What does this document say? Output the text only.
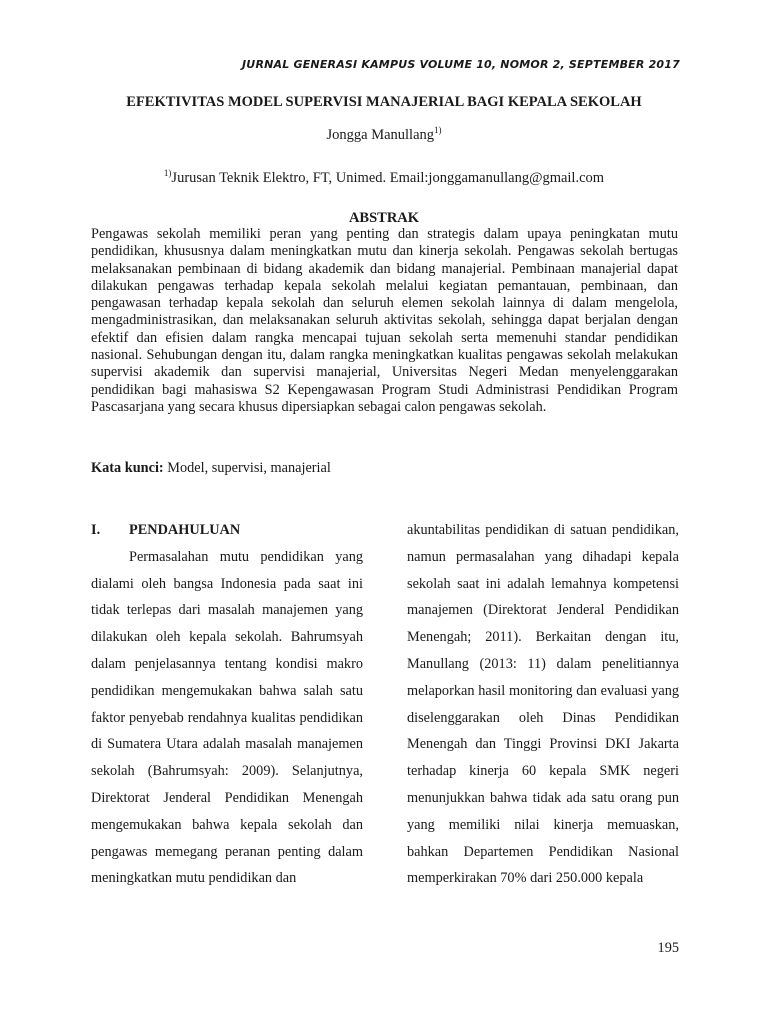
JURNAL GENERASI KAMPUS VOLUME 10, NOMOR 2, SEPTEMBER 2017
EFEKTIVITAS MODEL SUPERVISI MANAJERIAL BAGI KEPALA SEKOLAH
Jongga Manullang$^{1)}$
$^{1)}$Jurusan Teknik Elektro, FT, Unimed. Email:jonggamanullang@gmail.com
ABSTRAK
Pengawas sekolah memiliki peran yang penting dan strategis dalam upaya peningkatan mutu pendidikan, khususnya dalam meningkatkan mutu dan kinerja sekolah. Pengawas sekolah bertugas melaksanakan pembinaan di bidang akademik dan bidang manajerial. Pembinaan manajerial dapat dilakukan pengawas terhadap kepala sekolah melalui kegiatan pemantauan, pembinaan, dan pengawasan terhadap kepala sekolah dan seluruh elemen sekolah lainnya di dalam mengelola, mengadministrasikan, dan melaksanakan seluruh aktivitas sekolah, sehingga dapat berjalan dengan efektif dan efisien dalam rangka mencapai tujuan sekolah serta memenuhi standar pendidikan nasional. Sehubungan dengan itu, dalam rangka meningkatkan kualitas pengawas sekolah melakukan supervisi akademik dan supervisi manajerial, Universitas Negeri Medan menyelenggarakan pendidikan bagi mahasiswa S2 Kepengawasan Program Studi Administrasi Pendidikan Program Pascasarjana yang secara khusus dipersiapkan sebagai calon pengawas sekolah.
Kata kunci: Model, supervisi, manajerial
I.	PENDAHULUAN
Permasalahan mutu pendidikan yang dialami oleh bangsa Indonesia pada saat ini tidak terlepas dari masalah manajemen yang dilakukan oleh kepala sekolah. Bahrumsyah dalam penjelasannya tentang kondisi makro pendidikan mengemukakan bahwa salah satu faktor penyebab rendahnya kualitas pendidikan di Sumatera Utara adalah masalah manajemen sekolah (Bahrumsyah: 2009). Selanjutnya, Direktorat Jenderal Pendidikan Menengah mengemukakan bahwa kepala sekolah dan pengawas memegang peranan penting dalam meningkatkan mutu pendidikan dan
akuntabilitas pendidikan di satuan pendidikan, namun permasalahan yang dihadapi kepala sekolah saat ini adalah lemahnya kompetensi manajemen (Direktorat Jenderal Pendidikan Menengah; 2011). Berkaitan dengan itu, Manullang (2013: 11) dalam penelitiannya melaporkan hasil monitoring dan evaluasi yang diselenggarakan oleh Dinas Pendidikan Menengah dan Tinggi Provinsi DKI Jakarta terhadap kinerja 60 kepala SMK negeri menunjukkan bahwa tidak ada satu orang pun yang memiliki nilai kinerja memuaskan, bahkan Departemen Pendidikan Nasional memperkirakan 70% dari 250.000 kepala
195
